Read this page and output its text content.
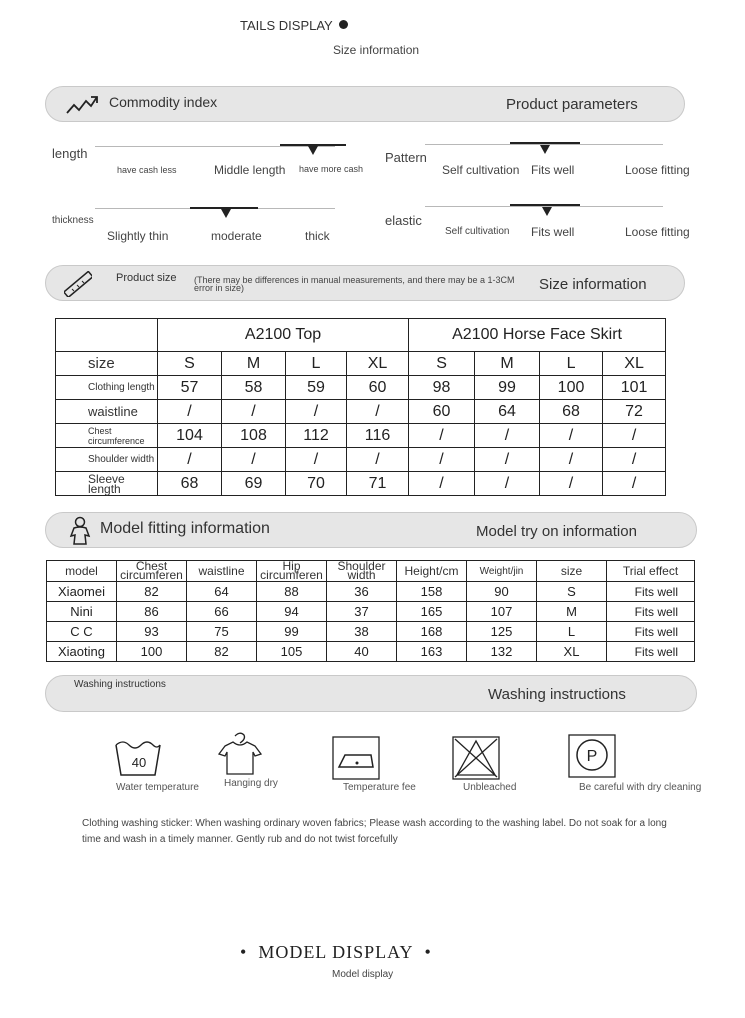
TAILS DISPLAY
Size information
Commodity index	Product parameters
length
have cash less	Middle length have more cash
Pattern
Self cultivation Fits well	Loose fitting
thickness
Slightly thin	moderate	thick
elastic
Self cultivation Fits well	Loose fitting
Product size (There may be differences in manual measurements, and there may be a 1-3CM error in size)	Size information
	A2100 Top				A2100 Horse Face Skirt			
size	S	M	L	XL	S	M	L	XL
Clothing length	57	58	59	60	98	99	100	101
waistline	/	/	/	/	60	64	68	72
Chest circumference	104	108	112	116	/	/	/	/
Shoulder width	/	/	/	/	/	/	/	/
Sleeve length	68	69	70	71	/	/	/	/
Model fitting information	Model try on information
model	Chest circumferen	waistline	Hip circumferen	Shoulder width	Height/cm	Weight/jin	size	Trial effect
Xiaomei	82	64	88	36	158	90	S	Fits well
Nini	86	66	94	37	165	107	M	Fits well
C C	93	75	99	38	168	125	L	Fits well
Xiaoting	100	82	105	40	163	132	XL	Fits well
Washing instructions
Washing instructions
40
Water temperature	Hanging dry	Temperature fee	Unbleached
P
Be careful with dry cleaning
Clothing washing sticker: When washing ordinary woven fabrics; Please wash according to the washing label. Do not soak for a long time and wash in a timely manner. Gently rub and do not twist forcefully
•  MODEL DISPLAY  •
Model display
